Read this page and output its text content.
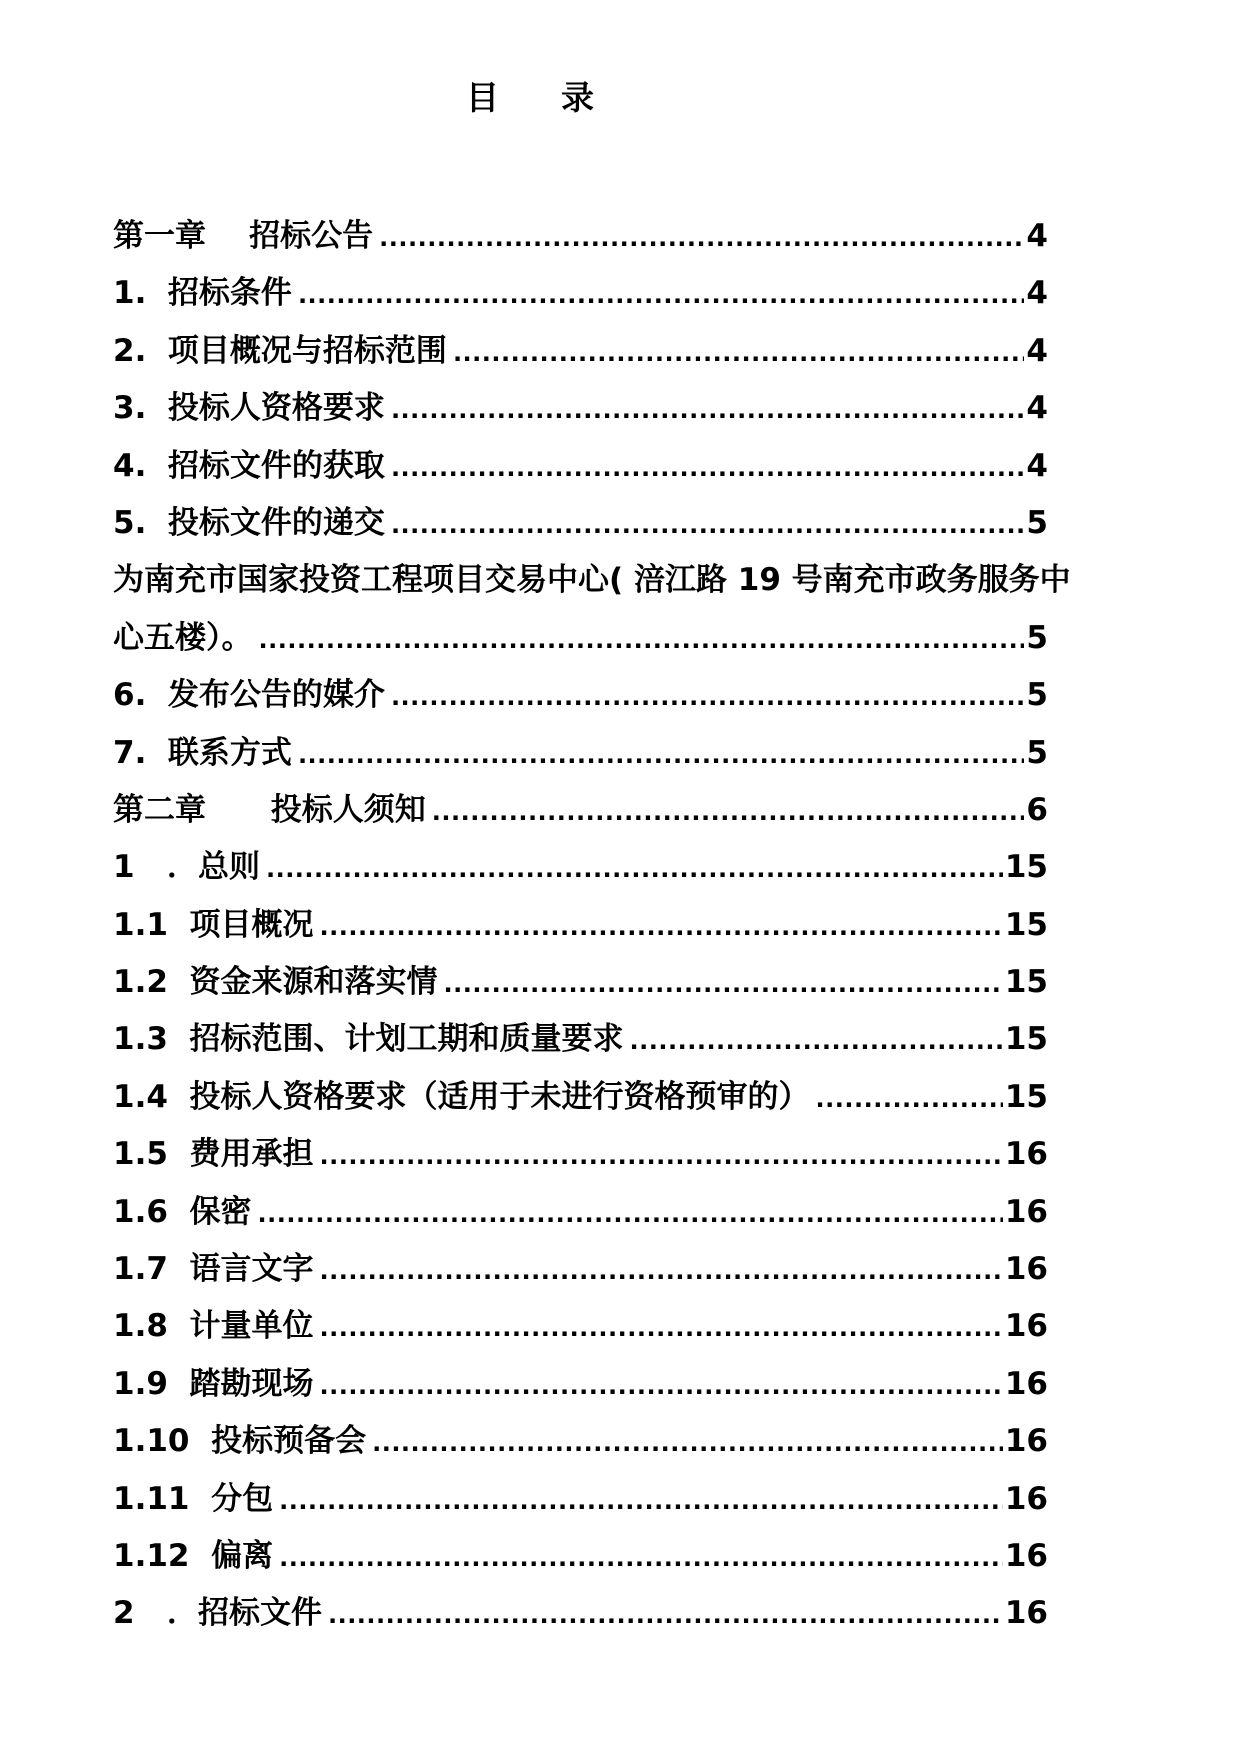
目录
第一章    招标公告 .....	4
1.  招标条件 .....	4
2.  项目概况与招标范围 .....	4
3.  投标人资格要求 .....	4
4.  招标文件的获取 .....	4
5.  投标文件的递交 .....	5
为南充市国家投资工程项目交易中心( 涪江路 19 号南充市政务服务中
心五楼）。 .....	5
6.  发布公告的媒介 .....	5
7.  联系方式 .....	5
第二章      投标人须知 .....	6
1   ．总则 .....	15
1.1  项目概况 .....	15
1.2  资金来源和落实情 .....	15
1.3  招标范围、计划工期和质量要求 .....	15
1.4  投标人资格要求（适用于未进行资格预审的） .....	15
1.5  费用承担 .....	16
1.6  保密 .....	16
1.7  语言文字 .....	16
1.8  计量单位 .....	16
1.9  踏勘现场 .....	16
1.10  投标预备会 .....	16
1.11  分包 .....	16
1.12  偏离 .....	16
2   ．招标文件 .....	16
